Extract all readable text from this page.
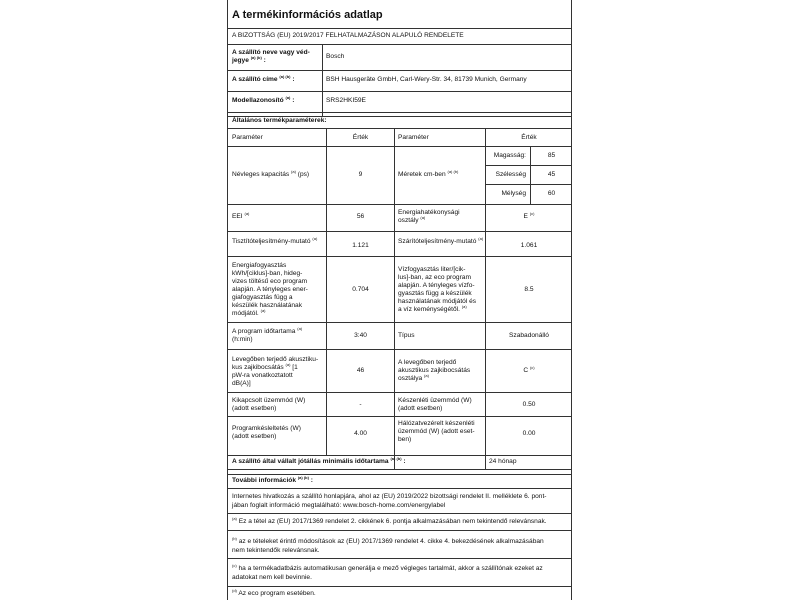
A termékinformációs adatlap
A BIZOTTSÁG (EU) 2019/2017 FELHATALMAZÁSON ALAPULÓ RENDELETE
A szállító neve vagy véd-
jegye $^{(a) (b)}$ :
Bosch
A szállító címe $^{(a) (b)}$ :	BSH Hausgeräte GmbH, Carl-Wery-Str. 34, 81739 Munich, Germany
Modellazonosító $^{(a)}$ :	SRS2HKI59E
Általános termékparaméterek:
Paraméter	Érték	Paraméter	Érték
Névleges kapacitás $^{(a)}$ (ps)	9	Méretek cm-ben $^{(a) (b)}$
Magasság:	85
Szélesség	45
Mélység	60
EEI $^{(a)}$	56
Energiahatékonysági
osztály $^{(a)}$	E $^{(c)}$
Tisztítóteljesítmény-mutató $^{(a)}$
1.121
Szárítóteljesítmény-mutató $^{(a)}$
1.061
Energiafogyasztás
kWh/[ciklus]-ban, hideg-
vizes töltésű eco program
alapján. A tényleges ener-
giafogyasztás függ a
készülék használatának
módjától. $^{(a)}$
0.704
Vízfogyasztás liter/[cik-
lus]-ban, az eco program
alapján. A tényleges vízfo-
gyasztás függ a készülék
használatának módjától és
a víz keménységétől. $^{(a)}$
8.5
A program időtartama $^{(a)}$
(h:min)
3:40	Típus	Szabadonálló
Levegőben terjedő akusztiku-
kus zajkibocsátás $^{(a)}$ [1
pW-ra vonatkoztatott
dB(A)]
46
A levegőben terjedő
akusztikus zajkibocsátás
osztálya $^{(a)}$
C $^{(c)}$
Kikapcsolt üzemmód (W)
(adott esetben)
-
Készenléti üzemmód (W)
(adott esetben)
0.50
Programkésleltetés (W)
(adott esetben)	4.00
Hálózatvezérelt készenléti
üzemmód (W) (adott eset-
ben)
0.00
A szállító által vállalt jótállás minimális időtartama $^{(a) (b)}$ :	24 hónap
További információk $^{(a) (b)}$ :
Internetes hivatkozás a szállító honlapjára, ahol az (EU) 2019/2022 bizottsági rendelet II. melléklete 6. pont-
jában foglalt információ megtalálható: www.bosch-home.com/energylabel
$^{(a)}$ Ez a tétel az (EU) 2017/1369 rendelet 2. cikkének 6. pontja alkalmazásában nem tekintendő relevánsnak.
$^{(b)}$ az e tételeket érintő módosítások az (EU) 2017/1369 rendelet 4. cikke 4. bekezdésének alkalmazásában
nem tekintendők relevánsnak.
$^{(c)}$ ha a termékadatbázis automatikusan generálja e mező végleges tartalmát, akkor a szállítónak ezeket az
adatokat nem kell bevinnie.
$^{(d)}$ Az eco program esetében.
